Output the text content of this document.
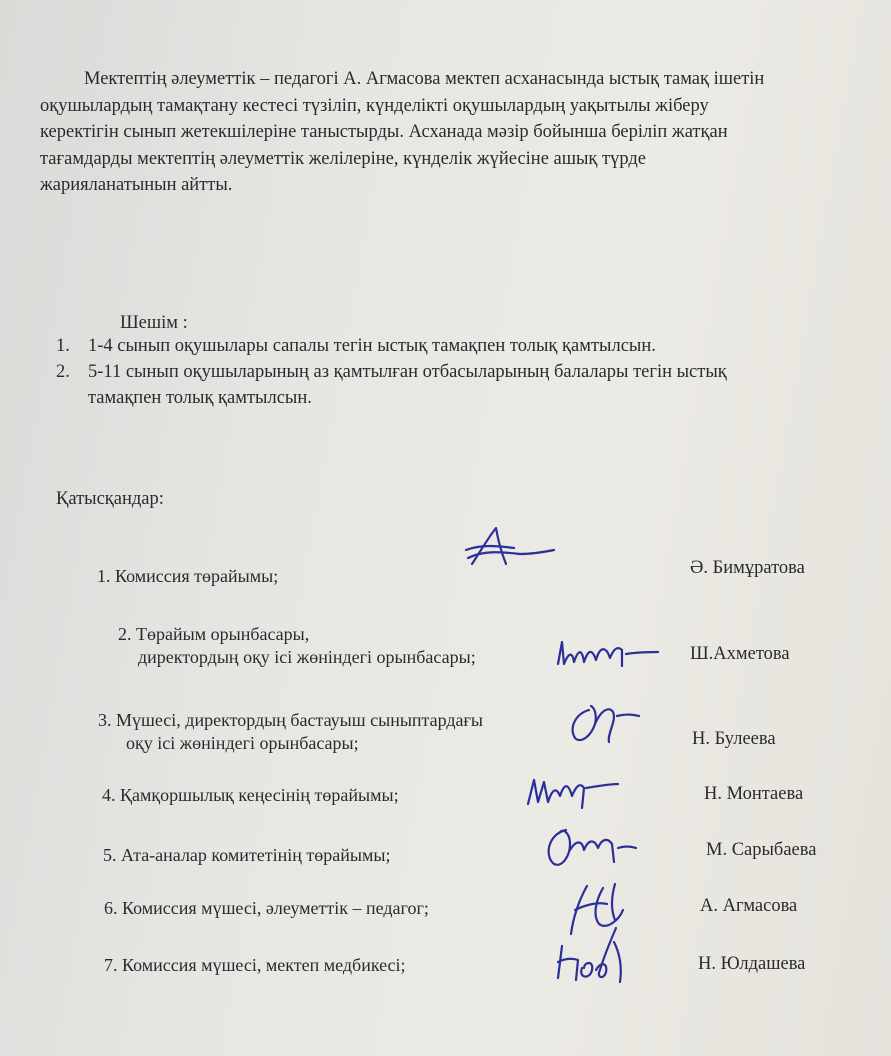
Мектептің әлеуметтік – педагогі А. Агмасова мектеп асханасында ыстық тамақ ішетін
оқушылардың тамақтану кестесі түзіліп, күнделікті оқушылардың уақытылы жіберу
керектігін сынып жетекшілеріне таныстырды. Асханада мәзір бойынша беріліп жатқан
тағамдарды мектептің әлеуметтік желілеріне, күнделік жүйесіне ашық түрде
жарияланатынын айтты.

Шешім :
1. 1-4 сынып оқушылары сапалы тегін ыстық тамақпен толық қамтылсын.
2. 5-11 сынып оқушыларының аз қамтылған отбасыларының балалары тегін ыстық
тамақпен толық қамтылсын.
Қатысқандар:
1. Комиссия төрайымы;	Ә. Бимұратова
2. Төрайым орынбасары,
директордың оқу ісі жөніндегі орынбасары;	Ш.Ахметова
3. Мүшесі, директордың бастауыш сыныптардағы
оқу ісі жөніндегі орынбасары;	Н. Булеева
4. Қамқоршылық кеңесінің төрайымы;	Н. Монтаева
5. Ата-аналар комитетінің төрайымы;	М. Сарыбаева
6. Комиссия мүшесі, әлеуметтік – педагог;	А. Агмасова
7. Комиссия мүшесі, мектеп медбикесі;	Н. Юлдашева
